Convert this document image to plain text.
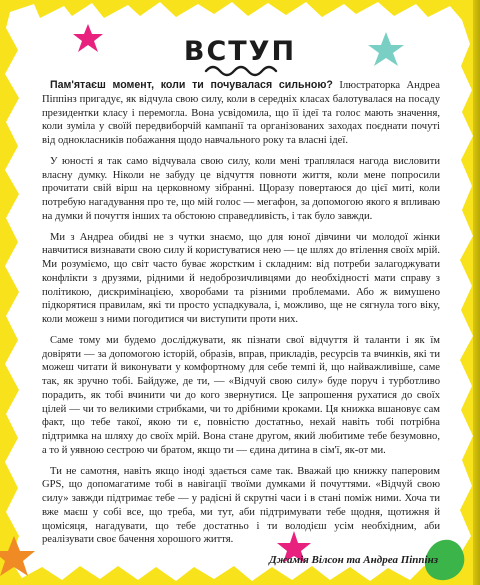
ВСТУП

Пам'ятаєш момент, коли ти почувалася сильною? Ілюстраторка Андреа Піппінз пригадує, як відчула свою силу, коли в середніх класах балотувалася на посаду президентки класу і перемогла. Вона усвідомила, що її ідеї та голос мають значення, коли зуміла у своїй передвиборчій кампанії та організованих заходах поєднати почуті від однокласників побажання щодо навчального року та власні ідеї.

У юності я так само відчувала свою силу, коли мені траплялася нагода висловити власну думку. Ніколи не забуду це відчуття повноти життя, коли мене попросили прочитати свій вірш на церковному зібранні. Щоразу повертаюся до цієї миті, коли потребую нагадування про те, що мій голос — мегафон, за допомогою якого я впливаю на думки й почуття інших та обстоюю справедливість, і так було завжди.

Ми з Андреа обидві не з чутки знаємо, що для юної дівчини чи молодої жінки навчитися визнавати свою силу й користуватися нею — це шлях до втілення своїх мрій. Ми розуміємо, що світ часто буває жорстким і складним: від потреби залагоджувати конфлікти з друзями, рідними й недоброзичливцями до необхідності мати справу з політикою, дискримінацією, хворобами та різними проблемами. Або ж вимушено підкорятися правилам, які ти просто успадкувала, і, можливо, ще не сягнула того віку, коли можеш з ними погодитися чи виступити проти них.

Саме тому ми будемо досліджувати, як пізнати свої відчуття й таланти і як їм довіряти — за допомогою історій, образів, вправ, прикладів, ресурсів та вчинків, які ти можеш читати й виконувати у комфортному для себе темпі й, що найважливіше, саме так, як зручно тобі. Байдуже, де ти, — «Відчуй свою силу» буде поруч і турботливо порадить, як тобі вчинити чи до кого звернутися. Це запрошення рухатися до своїх цілей — чи то великими стрибками, чи то дрібними кроками. Ця книжка вшановує сам факт, що тебе такої, якою ти є, повністю достатньо, нехай навіть тобі потрібна підтримка на шляху до своїх мрій. Вона стане другом, який любитиме тебе безумовно, а то й уявною сестрою чи братом, якщо ти — єдина дитина в сім'ї, як-от ми.

Ти не самотня, навіть якщо іноді здається саме так. Вважай цю книжку паперовим GPS, що допомагатиме тобі в навігації твоїми думками й почуттями. «Відчуй свою силу» завжди підтримає тебе — у радісні й скрутні часи і в стані поміж ними. Хоча ти вже маєш у собі все, що треба, ми тут, аби підтримувати тебе щодня, щотижня й щомісяця, нагадувати, що тебе достатньо і ти володієш усім необхідним, аби реалізувати своє бачення хорошого життя.

Джамія Вілсон та Андреа Піппінз
